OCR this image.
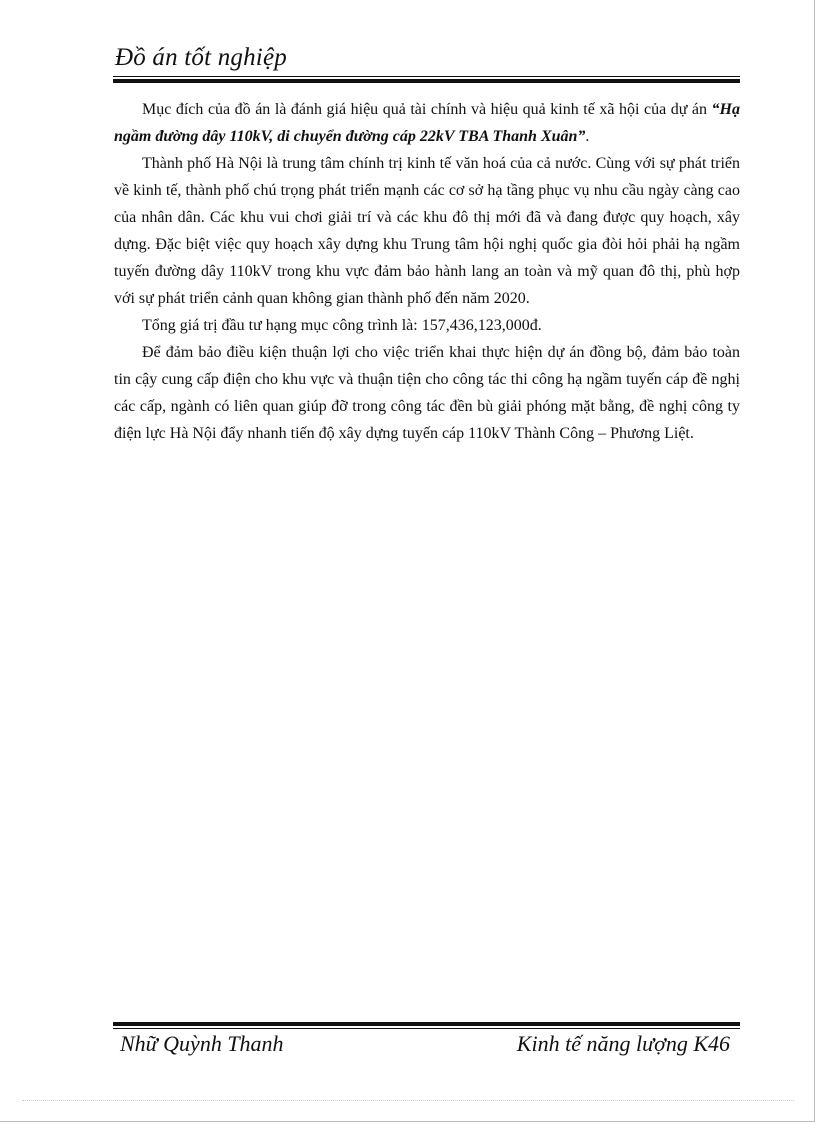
Đồ án tốt nghiệp

Mục đích của đồ án là đánh giá hiệu quả tài chính và hiệu quả kinh tế xã hội của dự án “Hạ ngầm đường dây 110kV, di chuyển đường cáp 22kV TBA Thanh Xuân”.

Thành phố Hà Nội là trung tâm chính trị kinh tế văn hoá của cả nước. Cùng với sự phát triển về kinh tế, thành phố chú trọng phát triển mạnh các cơ sở hạ tầng phục vụ nhu cầu ngày càng cao của nhân dân. Các khu vui chơi giải trí và các khu đô thị mới đã và đang được quy hoạch, xây dựng. Đặc biệt việc quy hoạch xây dựng khu Trung tâm hội nghị quốc gia đòi hỏi phải hạ ngầm tuyến đường dây 110kV trong khu vực đảm bảo hành lang an toàn và mỹ quan đô thị, phù hợp với sự phát triển cảnh quan không gian thành phố đến năm 2020.

Tổng giá trị đầu tư hạng mục công trình là: 157,436,123,000đ.

Để đảm bảo điều kiện thuận lợi cho việc triển khai thực hiện dự án đồng bộ, đảm bảo toàn tin cậy cung cấp điện cho khu vực và thuận tiện cho công tác thi công hạ ngầm tuyến cáp đề nghị các cấp, ngành có liên quan giúp đỡ trong công tác đền bù giải phóng mặt bằng, đề nghị công ty điện lực Hà Nội đẩy nhanh tiến độ xây dựng tuyến cáp 110kV Thành Công – Phương Liệt.

Nhữ Quỳnh Thanh	Kinh tế năng lượng K46
